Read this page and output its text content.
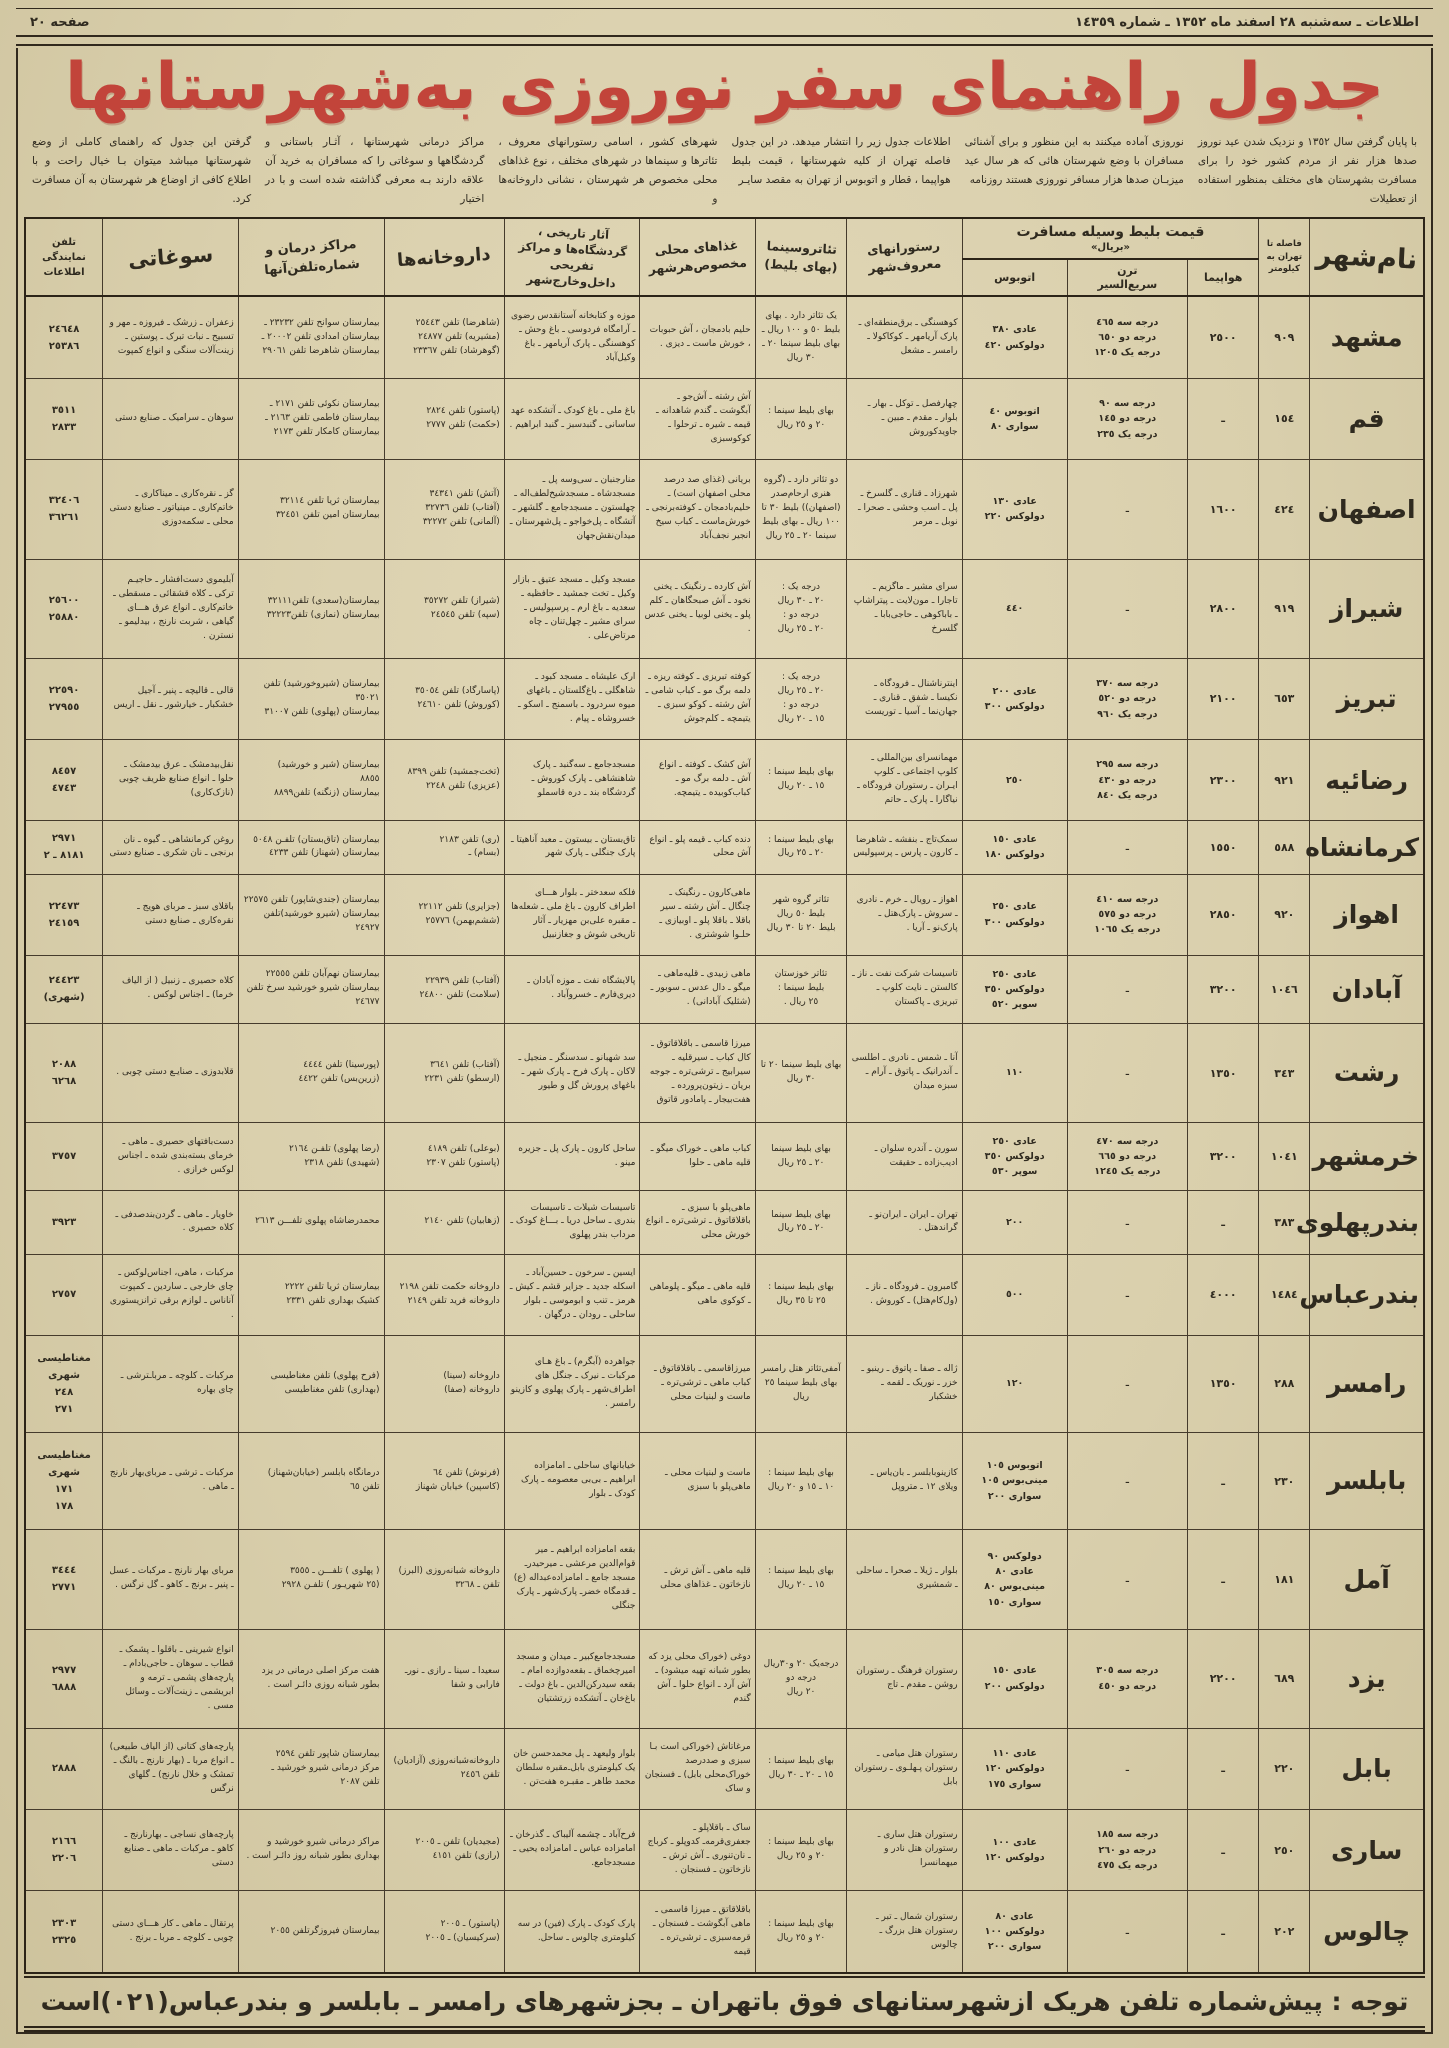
اطلاعات ـ سه‌شنبه ٢٨ اسفند ماه ١٣٥٢ ـ شماره ١٤٣٥٩
صفحه ٢٠
جدول راهنمای سفر نوروزی به‌شهرستانها
با پایان گرفتن سال ١٣٥٢ و نزدیک شدن عید نوروز صدها هزار نفر از مردم کشور خود را برای مسافرت بشهرستان های مختلف بمنظور استفاده از تعطیلات
نوروزی آماده میکنند به این منظور و برای آشنائی مسافران با وضع شهرستان هائی که هر سال عید میزبـان صدها هزار مسافر نوروزی هستند روزنامه
اطلاعات جدول زیر را انتشار میدهد. در این جدول فاصله تهران از کلیه شهرستانها ، قیمت بلیط هواپیما ، قطار و اتوبوس از تهران به مقصد سایـر
شهرهای کشور ، اسامی رستورانهای معروف ، تئاترها و سینماها در شهرهای مختلف ، نوع غذاهای محلی مخصوص هر شهرستان ، نشانی داروخانه‌ها و
مراکز درمانی شهرستانها ، آثـار باستانی و گردشگاهها و سوغاتی را که مسافران به خرید آن علاقه دارند بـه معرفی گذاشته شده است و با در اختیار
گرفتن این جدول که راهنمای کاملی از وضع شهرستانها میباشد میتوان بـا خیال راحت و با اطلاع کافی از اوضاع هر شهرستان به آن مسافرت کرد.
نام‌شهر	فاصله تا تهران به کیلومتر	
قیمت بلیط وسیله مسافرت
«بریال»
	رستورانهای معروف‌شهر	تئاتروسینما (بهای بلیط)	غذاهای محلی مخصوص‌هرشهر	آثار تاریخی ، گردشگاه‌ها و مراکز تفریحی داخل‌وخارج‌شهر	داروخانه‌ها	مراکز درمان و شماره‌تلفن‌آنها	سوغاتی	تلفن
نمایندگی
اطلاعات
		هواپیما	ترن
سریع‌السیر	اتوبوس								
مشهد	٩٠٩	٢٥٠٠	درجه سه ٤٦٥
درجه دو ٦٥٠
درجه یک ١٢٠٥	عادی ٣٨٠
دولوکس ٤٢٠	کوهسنگی ـ برق‌منطقه‌ای ـ پارک آریامهر ـ کوکاکولا ـ رامسر ـ مشعل	یک تئاتر دارد . بهای بلیط ٥٠ و ١٠٠ ریال ـ بهای بلیط سینما ٢٠ ـ ٣٠ ریال	حلیم بادمجان ، آش حبوبات ، خورش ماست ـ دیزی .	موزه و کتابخانه آستانقدس رضوی ـ آرامگاه فردوسی ـ باغ وحش ـ کوهسنگی ـ پارک آریامهر ـ باغ وکیل‌آباد	(شاهرضا) تلفن ٢٥٤٤٣
(مشیریه) تلفن ٢٤٨٧٧
(گوهرشاد) تلفن ٢٣٣٦٧	بیمارستان سوانح تلفن ٢٣٢٣٢ ـ بیمارستان امدادی تلفن ٢٠٠٠٢ ـ بیمارستان شاهرضا تلفن ٢٩٠٦١	زعفران ـ زرشک ـ فیروزه ـ مهر و تسبیح ـ نبات تبرک ـ پوستین ـ زینت‌آلات سنگی و انواع کمپوت	٢٤٦٤٨
٢٥٣٨٦
قم	١٥٤	ـ	درجه سه ٩٠
درجه دو ١٤٥
درجه یک ٢٣٥	اتوبوس ٤٠
سواری ٨٠	چهارفصل ـ توکل ـ بهار ـ بلوار ـ مقدم ـ مبین ـ جاویدکوروش	بهای بلیط سینما :
٢٠ و ٢٥ ریال	آش رشته ـ آش‌جو ـ آبگوشت ـ گندم شاهدانه ـ قیمه ـ شیره ـ ترحلوا ـ کوکوسبزی	باغ ملی ـ باغ کودک ـ آتشکده عهد ساسانی ـ گنبدسبز ـ گنبد ابراهیم .	(پاستور) تلفن ٢٨٢٤
(حکمت) تلفن ٢٧٧٧	بیمارستان نکوئی تلفن ٢١٧١ ـ بیمارستان فاطمی تلفن ٢١٦٣ ـ بیمارستان کامکار تلفن ٢١٧٣	سوهان ـ سرامیک ـ صنایع دستی	٣٥١١
٢٨٣٣
اصفهان	٤٢٤	١٦٠٠	ـ	عادی ١٣٠
دولوکس ٢٢٠	شهرزاد ـ قناری ـ گلسرخ ـ پل ـ اسب وحشی ـ صحرا ـ نوبل ـ مرمر	دو تئاتر دارد ـ (گروه هنری ارحام‌صدر (اصفهان)) بلیط ٣٠ تا ١٠٠ ریال ـ بهای بلیط سینما ٢٠ ـ ٢٥ ریال	بریانی (غذای صد درصد محلی اصفهان است) ـ حلیم‌بادمجان ـ کوفته‌برنجی ـ خورش‌ماست ـ کباب سیخ انجیر نجف‌آباد	منارجنبان ـ سی‌وسه پل ـ مسجدشاه ـ مسجدشیخ‌لطف‌اله ـ چهلستون ـ مسجدجامع ـ گلشهر ـ آتشگاه ـ پل‌خواجو ـ پل‌شهرستان ـ میدان‌نقش‌جهان	(آتش) تلفن ٣٤٣٤١
(آفتاب) تلفن ٣٢٧٣٦
(آلمانی) تلفن ٣٢٢٧٢	بیمارستان ثریا تلفن ٣٢١١٤
بیمارستان امین تلفن ٣٢٤٥١	گز ـ نقره‌کاری ـ میناکاری ـ خاتم‌کاری ـ مینیاتور ـ صنایع دستی محلی ـ سکمه‌دوزی	٣٢٤٠٦
٣٦٢٦١
شیراز	٩١٩	٢٨٠٠	ـ	٤٤٠	سرای مشیر ـ ماگزیم ـ تاجارا ـ مون‌لایت ـ پیتراشاپ ـ باباکوهی ـ حاجی‌بابا ـ گلسرخ	درجه یک :
٢٠ ـ ٣٠ ریال
درجه دو :
٢٠ ـ ٢٥ ریال	آش کارده ـ رنگینک ـ یخنی نخود ـ آش صبحگاهان ـ کلم پلو ـ یخنی لوبیا ـ یخنی عدس .	مسجد وکیل ـ مسجد عتیق ـ بازار وکیل ـ تخت جمشید ـ حافظیه ـ سعدیه ـ باغ ارم ـ پرسپولیس ـ سرای مشیر ـ چهل‌تنان ـ چاه مرتاض‌علی .	(شیراز) تلفن ٣٥٢٧٢
(سپه) تلفن ٢٤٥٤٥	بیمارستان(سعدی) تلفن٣٢١١١
بیمارستان (نمازی) تلفن٣٢٢٢٣	آبلیموی دست‌افشار ـ حاجیـم ترکی ـ کلاه قشقائی ـ مسقطی ـ خاتم‌کاری ـ انواع عرق هـــای گیاهی ، شربت نارنج ، بیدلیمو ـ نسترن .	٢٥٦٠٠
٢٥٨٨٠
تبریز	٦٥٣	٢١٠٠	درجه سه ٣٧٠
درجه دو ٥٢٠
درجه یک ٩٦٠	عادی ٢٠٠
دولوکس ٣٠٠	اینترناشنال ـ فرودگاه ـ نکیسا ـ شفق ـ قناری ـ جهان‌نما ـ آسیا ـ توریست	درجه یک :
٢٠ ـ ٢٥ ریال
درجه دو :
١٥ ـ ٢٠ ریال	کوفته تبریزی ـ کوفته ریزه ـ دلمه برگ مو ـ کباب شامی ـ آش رشته ـ کوکو سبزی ـ یتیمچه ـ کلم‌جوش	ارک علیشاه ـ مسجد کبود ـ شاهگلی ـ باغ‌گلستان ـ باغهای میوه سردرود ـ باسمنج ـ اسکو ـ خسروشاه ـ پیام .	(پاسارگاد) تلفن ٣٥٠٥٤
(کوروش) تلفن ٢٤٦١٠	بیمارستان (شیروخورشید) تلفن ٣٥٠٢١
بیمارستان (پهلوی) تلفن ٣١٠٠٧	قالی ـ قالیچه ـ پنیر ـ آجیل خشکبار ـ خیارشور ـ نقل ـ اریس	٢٢٥٩٠
٢٧٩٥٥
رضائیه	٩٢١	٢٣٠٠	درجه سه ٢٩٥
درجه دو ٤٣٠
درجه یک ٨٤٠	٢٥٠	مهمانسرای بین‌المللی ـ کلوپ اجتماعی ـ کلوپ ایـران ـ رستوران فرودگاه ـ نیاگارا ـ پارک ـ حاتم	بهای بلیط سینما :
١٥ ـ ٢٠ ریال	آش کشک ـ کوفته ـ انواع آش ـ دلمه برگ مو ـ کباب‌کوبیده ـ یتیمچه.	مسجدجامع ـ سه‌گنبد ـ پارک شاهنشاهی ـ پارک کوروش ـ گردشگاه بند ـ دره قاسملو	(تخت‌جمشید) تلفن ٨٣٩٩
(عزیزی) تلفن ٢٢٤٨	بیمارستان (شیر و خورشید)
٨٨٥٥
بیمارستان (زنگنه) تلفن٨٨٩٩	نقل‌بیدمشک ـ عرق بیدمشک ـ حلوا ـ انواع صنایع ظریف چوبی (نازک‌کاری)	٨٤٥٧
٤٧٤٣
کرمانشاه	٥٨٨	١٥٥٠	ـ	عادی ١٥٠
دولوکس ١٨٠	سمک‌تاج ـ بنفشه ـ شاهرضا ـ کارون ـ پارس ـ پرسپولیس	بهای بلیط سینما :
٢٠ ـ ٢٥ ریال	دنده کباب ـ قیمه پلو ـ انواع آش محلی	تاق‌بستان ـ بیستون ـ معبد آناهیتا ـ پارک جنگلی ـ پارک شهر	(ری) تلفن ٢١٨٣
(بسام) ـ	بیمارستان (تاق‌بستان) تلفـن ٥٠٤٨
بیمارستان (شهناز) تلفن ٤٢٣٣	روغن کرمانشاهی ـ گیوه ـ نان برنجی ـ نان شکری ـ صنایع دستی	٢٩٧١
٨١٨١ ـ ٢
اهواز	٩٢٠	٢٨٥٠	درجه سه ٤١٠
درجه دو ٥٧٥
درجه یک ١٠٦٥	عادی ٢٥٠
دولوکس ٣٠٠	اهواز ـ رویال ـ خرم ـ نادری ـ سروش ـ پارک‌هتل ـ پارک‌نو ـ آریا .	تئاتر گروه شهر
بلیط ٥٠ ریال
بلیط ٢٠ تا ٣٠ ریال	ماهی‌کارون ـ رنگینک ـ چنگال ـ آش رشته ـ سیر باقلا ـ باقلا پلو ـ اوبیازی ـ حلـوا شوشتری .	فلکه سعدختر ـ بلوار هـــای اطراف کارون ـ باغ ملی ـ شعله‌ها ـ مقبره علی‌بن مهزیار ـ آثار تاریخی شوش و جغازنبیل	(جزایری) تلفن ٢٢١١٢
(ششم‌بهمن) ٢٥٧٧٦	بیمارستان (جندی‌شاپور) تلفن ٢٢٥٧٥
بیمارستان (شیرو خورشید)تلفن ٢٤٩٢٧	باقلای سبز ـ مربای هویج ـ نقره‌کاری ـ صنایع دستی	٢٢٤٧٣
٢٤١٥٩
آبادان	١٠٤٦	٣٢٠٠	ـ	عادی ٢٥٠
دولوکس ٣٥٠
سوپر ٥٢٠	تاسیسات شرکت نفت ـ ناز ـ کالستن ـ نایت کلوپ ـ تبریزی ـ پاکستان	تئاتر خوزستان
بلیط سینما :
٢٥ ریال .	ماهی زبیدی ـ قلیه‌ماهی ـ میگو ـ دال عدس ـ سوبور ـ (شثلیک آبادانی) .	پالایشگاه نفت ـ موزه آبادان ـ دیری‌فارم ـ خسروآباد .	(آفتاب) تلفن ٢٢٩٣٩
(سلامت) تلفن ٢٤٨٠٠	بیمارستان نهم‌آبان تلفن ٢٢٥٥٥
بیمارستان شیرو خورشید سرخ تلفن ٢٤٦٧٧	کلاه حصیری ـ زنبیل ( از الیاف خرما) ـ اجناس لوکس .	٢٤٤٢٣
(شهری)
رشت	٣٤٣	١٣٥٠	ـ	١١٠	آنا ـ شمس ـ نادری ـ اطلسی ـ آندرانیک ـ پاتوق ـ آرام ـ سبزه میدان	بهای بلیط سینما ٢٠ تا ٣٠ ریال	میرزا قاسمی ـ باقلاقاتوق ـ کال کباب ـ سیرقلیه ـ سیرابیج ـ ترشی‌تره ـ جوجه بریان ـ زیتون‌پرورده ـ هفت‌بیجار ـ پامادور قاتوق	سد شهبانو ـ سدسنگر ـ منجیل ـ لاکان ـ پارک فرح ـ پارک شهر ـ باغهای پرورش گل و طیور	(آفتاب) تلفن ٣٦٤١
(ارسطو) تلفن ٢٢٣١	(پورسینا) تلفن ٤٤٤٤
(زرین‌بس) تلفن ٤٤٢٢	قلابدوزی ـ صنایـع دستی چوبی .	٢٠٨٨
٦٢٦٨
خرمشهر	١٠٤١	٣٢٠٠	درجه سه ٤٧٠
درجه دو ٦٦٥
درجه یک ١٢٤٥	عادی ٢٥٠
دولوکس ٣٥٠
سوپر ٥٣٠	سورن ـ آندره سلوان ـ ادیب‌زاده ـ حقیقت	بهای بلیط سینما
٢٠ ـ ٢٥ ریال	کباب ماهی ـ خوراک میگو ـ قلیه ماهی ـ حلوا	ساحل کارون ـ پارک پل ـ جزیره مینو .	(بوعلی) تلفن ٤١٨٩
(پاستور) تلفن ٢٣٠٧	(رضا پهلوی) تلفـن ٢١٦٤
(شهیدی) تلفن ٢٣١٨	دست‌بافتهای حصیری ـ ماهی ـ خرمای بسته‌بندی شده ـ اجناس لوکس خرازی .	٣٧٥٧
بندرپهلوی	٣٨٣	ـ	ـ	٢٠٠	تهران ـ ایران ـ ایران‌نو ـ گراندهتل .	بهای بلیط سینما
٢٠ ـ ٢٥ ریال	ماهی‌پلو با سبزی ـ باقلاقاتوق ـ ترشی‌تره ـ انواع خورش محلی	تاسیسات شیلات ـ تاسیسات بندری ـ ساحل دریا ـ بـــاغ کودک ـ مرداب بندر پهلوی	(زهابیان) تلفن ٢١٤٠	محمدرضاشاه پهلوی تلفـــن ٢٦١٣	خاویار ـ ماهی ـ گردن‌بندصدفی ـ کلاه حصیری .	٣٩٢٣
بندرعباس	١٤٨٤	٤٠٠٠	ـ	٥٠٠	گامبرون ـ فرودگاه ـ ناز ـ (ول‌کام‌هتل) ـ کوروش .	بهای بلیط سینما :
٢٥ تا ٣٥ ریال	قلیه ماهی ـ میگو ـ پلوماهی ـ کوکوی ماهی	ایسین ـ سرخون ـ حسین‌آباد ـ اسکله جدید ـ جزایر قشم ـ کیش ـ هرمز ـ تنب و ابوموسی ـ بلوار ساحلی ـ رودان ـ درگهان .	داروخانه حکمت تلفن ٢١٩٨
داروخانه فرید تلفن ٢١٤٩	بیمارستان ثریا تلفن ٢٢٢٢
کشیک بهداری تلفن ٢٣٣١	مرکبات ، ماهی، اجناس‌لوکس ـ چای خارجی ـ ساردین ـ کمپوت آناناس ـ لوازم برقی ترانزیستوری .	٢٧٥٧
رامسر	٢٨٨	١٣٥٠	ـ	١٢٠	ژاله ـ صفا ـ پاتوق ـ رینبو ـ خزر ـ نوریک ـ لقمه ـ خشکبار	آمفی‌تئاتر هتل رامسر
بهای بلیط سینما ٢٥ ریال	میرزاقاسمی ـ باقلاقاتوق ـ کباب ماهی ـ ترشی‌تره ـ ماست و لبنیات محلی	جواهرده (آبگرم) ـ باغ هـای مرکبات ـ نیرک ـ جنگل های اطراف‌شهر ـ پارک پهلوی و کازینو رامسر .	داروخانه (سینا)
داروخانه (صفا)	(فرح پهلوی) تلفن مغناطیسی
(بهداری) تلفن مغناطیسی	مرکبات ـ کلوچه ـ مرباـترشی ـ چای بهاره	مغناطیسی
شهری
٢٤٨
٢٧١
بابلسر	٢٣٠	ـ	ـ	اتوبوس ١٠٥
مینی‌بوس ١٠٥
سواری ٢٠٠	کازینوبابلسر ـ بان‌یاس ـ ویلای ١٢ ـ متروپل	بهای بلیط سینما :
١٠ ـ ١٥ و ٢٠ ریال	ماست و لبنیات محلی ـ ماهی‌پلو با سبزی	خیابانهای ساحلی ـ امامزاده ابراهیم ـ بی‌بی معصومه ـ پارک کودک ـ بلوار	(فرنوش) تلفن ٦٤
(کاسپین) خیابان شهناز	درمانگاه بابلسر (خیابان‌شهناز)
تلفن ٦٥	مرکبات ـ ترشی ـ مربای‌بهار نارنج ـ ماهی .	مغناطیسی
شهری
١٧١
١٧٨
آمل	١٨١	ـ	ـ	دولوکس ٩٠
عادی ٨٠
مینی‌بوس ٨٠
سواری ١٥٠	بلوار ـ ژیلا ـ صحرا ـ ساحلی ـ شمشیری	بهای بلیط سینما :
١٥ ـ ٢٠ ریال	قلیه ماهی ـ آش ترش ـ نازخاتون ـ غذاهای محلی	بقعه امامزاده ابراهیم ـ میر قوام‌الدین مرعشی ـ میرحیدرـ مسجد جامع ـ امامزاده‌عبداله (ع) ـ قدمگاه خضرـ پارک‌شهر ـ پارک جنگلی	داروخانه شبانه‌روزی (البرز)
تلفن ـ ٣٢٦٨	( پهلوی ) تلفـــن ـ ٣٥٥٥
(٢٥ شهریـور ) تلفـن ٢٩٢٨	مربای بهار نارنج ـ مرکبات ـ عسل ـ پنیر ـ برنج ـ کاهو ـ گل نرگس .	٣٤٤٤
٢٧٧١
یزد	٦٨٩	٢٢٠٠	درجه سه ٣٠٥
درجه دو ٤٥٠	عادی ١٥٠
دولوکس ٢٠٠	رستوران فرهنگ ـ رستوران روشن ـ مقدم ـ تاج	درجه‌یک ٢٠ و٣٠ریال
درجه دو
٢٠ ریال	دوغی (خوراک محلی یزد که بطور شبانه تهیه میشود) ـ آش آرد ـ انواع حلوا ـ آش گندم	مسجدجامع‌کبیر ـ میدان و مسجد امیرچخماق ـ بقعه‌دوازده امام ـ بقعه سیدرکن‌الدین ـ باغ دولت ـ باغ‌خان ـ آتشکده زرتشتیان	سعیدا ـ سینا ـ رازی ـ نورـ فارابی و شفا	هفت مرکز اصلی درمانی در یزد بطور شبانه روزی دائـر است .	انواع شیرینی ـ باقلوا ـ پشمک ـ قطاب ـ سوهان ـ حاجی‌بادام ـ پارچه‌های پشمی ـ ترمه و ابریشمی ـ زینت‌آلات ـ وسائل مسی .	٢٩٧٧
٦٨٨٨
بابل	٢٢٠	ـ	ـ	عادی ١١٠
دولوکس ١٢٠
سواری ١٧٥	رستوران هتل میامی ـ رستوران پـهلـوی ـ رستوران بابل	بهای بلیط سینما :
١٥ ـ ٢٠ ـ ٣٠ ریال	مرغاتاش (خوراکی است بـا سبزی و صددرصد خوراک‌محلی بابل) ـ فسنجان و ساک	بلوار ولیعهد ـ پل محمدحسن خان یک کیلومتری بابل‌ـ‌مقبره سلطان محمد طاهر ـ مقبـره هفت‌تن .	داروخانه‌شبانه‌روزی (آزادیان)
تلفن ٢٤٥٦	بیمارستان شاپور تلفن ٢٥٩٤
مرکز درمانی شیرو خورشید ـ
تلفن ٢٠٨٧	پارچه‌های کتانی (از الیاف طبیعی) ـ انواع مربا ـ (بهار نارنج ـ بالنگ ـ تمشک و خلال نارنج) ـ گلهای نرگس	٢٨٨٨
ساری	٢٥٠	ـ	درجه سه ١٨٥
درجه دو ٢٦٠
درجه یک ٤٧٥	عادی ١٠٠
دولوکس ١٢٠	رستوران هتل ساری ـ رستوران هتل نادر و میهمانسرا	بهای بلیط سینما :
٢٠ و ٢٥ ریال	ساک ـ باقلاپلو ـ جعفری‌قرمه‌ـ کدوپلو ـ کرباج ـ نان‌تنوری ـ آش ترش ـ نازخاتون ـ فسنجان .	فرح‌آباد ـ چشمه آلیباک ـ گذرخان ـ امامزاده عباس ـ امامزاده یحیی ـ مسجدجامع.	(مجیدیان) تلفن ـ ٢٠٠٥
(رازی) تلفن ٤١٥١	مراکز درمانی شیرو خورشید و بهداری بطور شبانه روز دائـر است .	پارچه‌های نساجی ـ بهارنارنج ـ کاهو ـ مرکبات ـ ماهی ـ صنایع دستی	٢١٦٦
٢٢٠٦
چالوس	٢٠٢	ـ	ـ	عادی ٨٠
دولوکس ١٠٠
سواری ٢٠٠	رستوران شمال ـ تبر ـ رستوران هتل بزرگ ـ چالوس	بهای بلیط سینما :
٢٠ و ٢٥ ریال	باقلاقاتق ـ میرزا قاسمی ـ ماهی آبگوشت ـ فسنجان ـ قرمه‌سبزی ـ ترشی‌تره ـ قیمه	پارک کودک ـ پارک (فین) در سه کیلومتری چالوس ـ ساحل.	(پاستور) ـ ٢٠٠٥
(سرکیسیان) ـ ٢٠٠٥	بیمارستان فیروزگرتلفن ٢٠٥٥	پرتقال ـ ماهی ـ کار هـــای دستی چوبی ـ کلوچه ـ مربا ـ برنج .	٢٣٠٣
٢٣٢٥
توجه : پیش‌شماره تلفن هریک ازشهرستانهای فوق باتهران ـ بجزشهرهای رامسر ـ بابلسر و بندرعباس(٠٢١)است
